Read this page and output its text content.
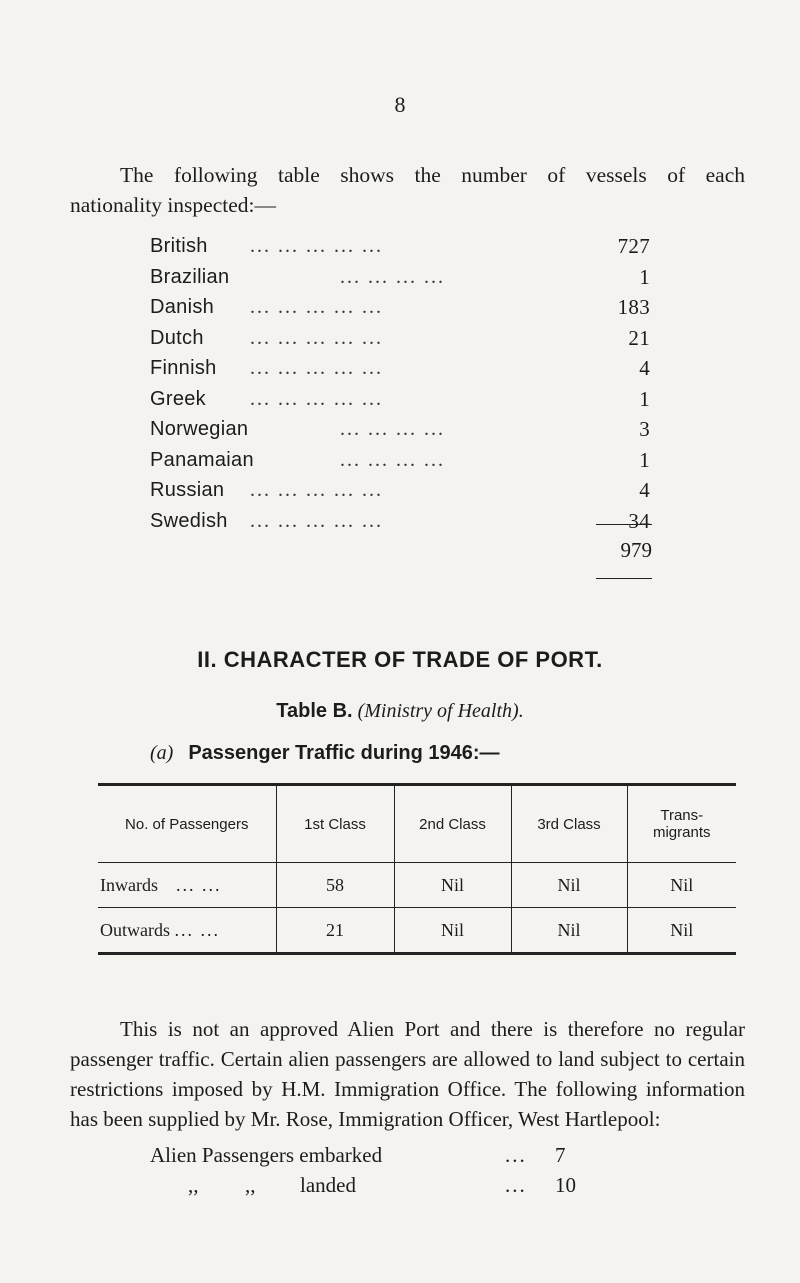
8
The following table shows the number of vessels of each
nationality inspected:—
British ... ... ... ... ...	727
Brazilian	... ... ... ...	1
Danish ... ... ... ... ...	183
Dutch ... ... ... ... ...	21
Finnish ... ... ... ... ...	4
Greek ... ... ... ... ...	1
Norwegian	... ... ... ...	3
Panamaian	... ... ... ...	1
Russian ... ... ... ... ...	4
Swedish ... ... ... ... ...	34
979
II. CHARACTER OF TRADE OF PORT.
Table B. (Ministry of Health).
(a) Passenger Traffic during 1946:—
No. of Passengers	1st Class	2nd Class	3rd Class	Trans-migrants
Inwards ... ...	58	Nil	Nil	Nil
Outwards ... ...	21	Nil	Nil	Nil
This is not an approved Alien Port and there is therefore no regular passenger traffic. Certain alien passengers are allowed to land subject to certain restrictions imposed by H.M. Immigration Office. The following information has been supplied by Mr. Rose, Immigration Officer, West Hartlepool:
Alien Passengers embarked	... 7
,, ,, landed	... 10
